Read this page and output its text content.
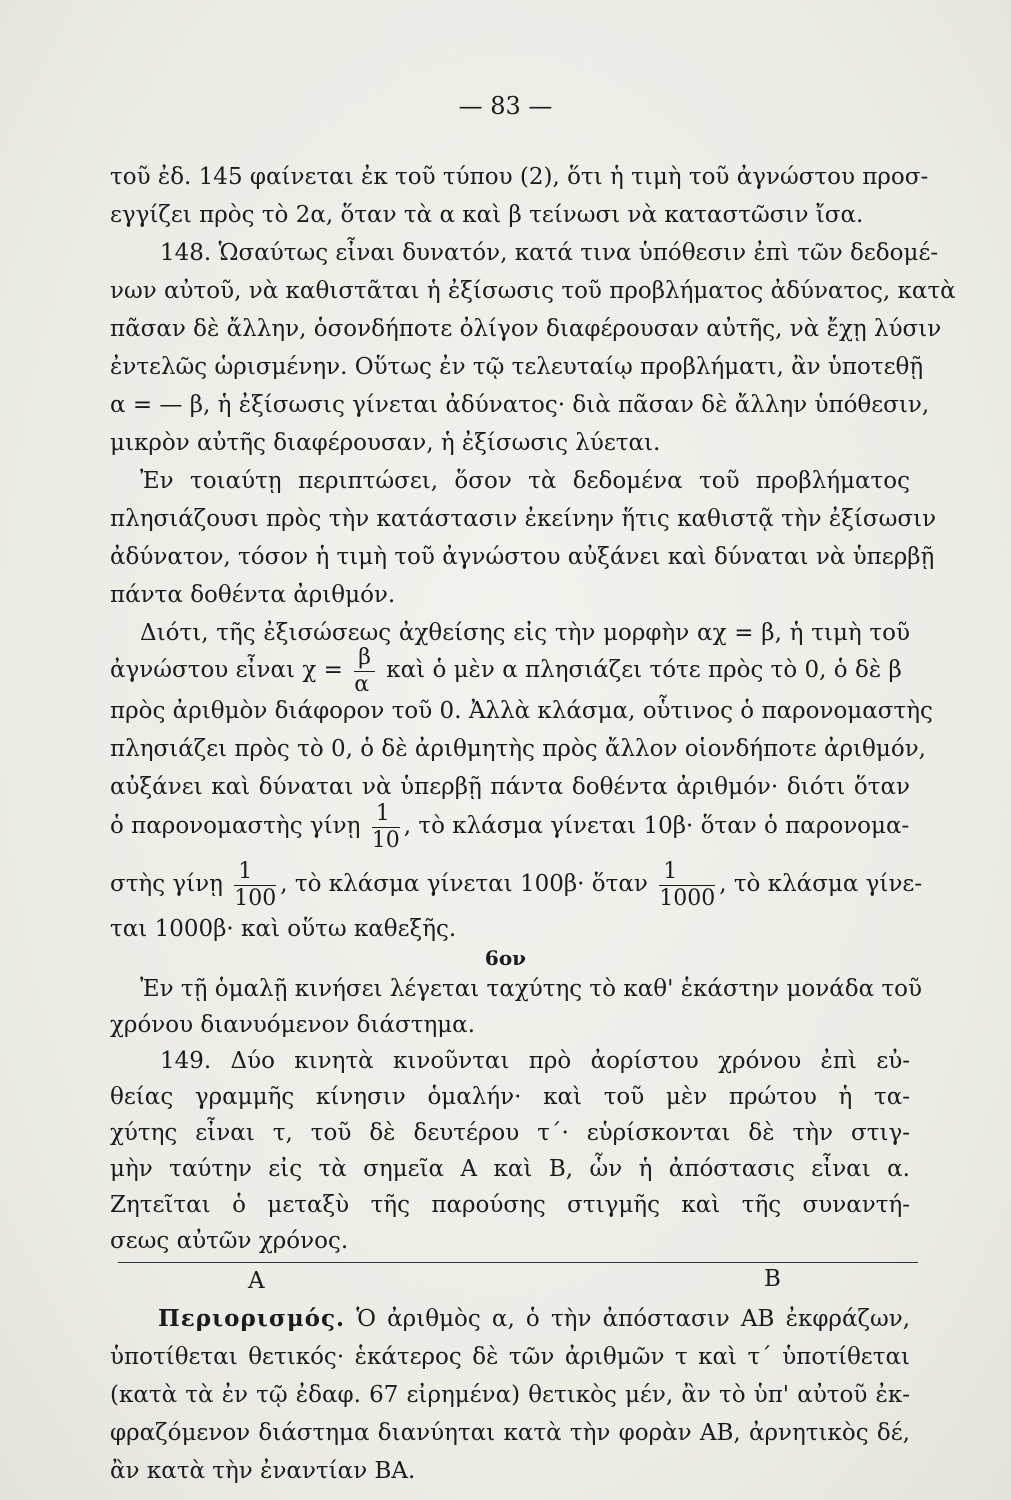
— 83 —
τοῦ ἐδ. 145 φαίνεται ἐκ τοῦ τύπου (2), ὅτι ἡ τιμὴ τοῦ ἀγνώστου προσ-
εγγίζει πρὸς τὸ 2α, ὅταν τὰ α καὶ β τείνωσι νὰ καταστῶσιν ἴσα.
148. Ὡσαύτως εἶναι δυνατόν, κατά τινα ὑπόθεσιν ἐπὶ τῶν δεδομέ-
νων αὐτοῦ, νὰ καθιστᾶται ἡ ἐξίσωσις τοῦ προβλήματος ἀδύνατος, κατὰ
πᾶσαν δὲ ἄλλην, ὁσονδήποτε ὀλίγον διαφέρουσαν αὐτῆς, νὰ ἔχῃ λύσιν
ἐντελῶς ὡρισμένην. Οὕτως ἐν τῷ τελευταίῳ προβλήματι, ἂν ὑποτεθῇ
α = — β, ἡ ἐξίσωσις γίνεται ἀδύνατος· διὰ πᾶσαν δὲ ἄλλην ὑπόθεσιν,
μικρὸν αὐτῆς διαφέρουσαν, ἡ ἐξίσωσις λύεται.
Ἐν τοιαύτῃ περιπτώσει, ὅσον τὰ δεδομένα τοῦ προβλήματος
πλησιάζουσι πρὸς τὴν κατάστασιν ἐκείνην ἥτις καθιστᾷ τὴν ἐξίσωσιν
ἀδύνατον, τόσον ἡ τιμὴ τοῦ ἀγνώστου αὐξάνει καὶ δύναται νὰ ὑπερβῇ
πάντα δοθέντα ἀριθμόν.
Διότι, τῆς ἐξισώσεως ἀχθείσης εἰς τὴν μορφὴν αχ = β, ἡ τιμὴ τοῦ
ἀγνώστου εἶναι $\chi = \frac{\beta}{\alpha}$ καὶ ὁ μὲν α πλησιάζει τότε πρὸς τὸ 0, ὁ δὲ β
πρὸς ἀριθμὸν διάφορον τοῦ 0. Ἀλλὰ κλάσμα, οὗτινος ὁ παρονομαστὴς
πλησιάζει πρὸς τὸ 0, ὁ δὲ ἀριθμητὴς πρὸς ἄλλον οἱονδήποτε ἀριθμόν,
αὐξάνει καὶ δύναται νὰ ὑπερβῇ πάντα δοθέντα ἀριθμόν· διότι ὅταν
ὁ παρονομαστὴς γίνῃ $\frac{1}{10}$ , τὸ κλάσμα γίνεται 10β· ὅταν ὁ παρονομα-
στὴς γίνῃ $\frac{1}{100}$ , τὸ κλάσμα γίνεται 100β· ὅταν $\frac{1}{1000}$ , τὸ κλάσμα γίνε-
ται 1000β· καὶ οὕτω καθεξῆς.
6ον
Ἐν τῇ ὁμαλῇ κινήσει λέγεται ταχύτης τὸ καθ' ἑκάστην μονάδα τοῦ
χρόνου διανυόμενον διάστημα.
149. Δύο κινητὰ κινοῦνται πρὸ ἀορίστου χρόνου ἐπὶ εὐ-
θείας γραμμῆς κίνησιν ὁμαλήν· καὶ τοῦ μὲν πρώτου ἡ τα-
χύτης εἶναι τ, τοῦ δὲ δευτέρου τ΄· εὑρίσκονται δὲ τὴν στιγ-
μὴν ταύτην εἰς τὰ σημεῖα Α καὶ Β, ὧν ἡ ἀπόστασις εἶναι α.
Ζητεῖται ὁ μεταξὺ τῆς παρούσης στιγμῆς καὶ τῆς συναντή-
σεως αὐτῶν χρόνος.
Α	Β
Περιορισμός. Ὁ ἀριθμὸς α, ὁ τὴν ἀπόστασιν ΑΒ ἐκφράζων,
ὑποτίθεται θετικός· ἑκάτερος δὲ τῶν ἀριθμῶν τ καὶ τ΄ ὑποτίθεται
(κατὰ τὰ ἐν τῷ ἐδαφ. 67 εἰρημένα) θετικὸς μέν, ἂν τὸ ὑπ' αὐτοῦ ἐκ-
φραζόμενον διάστημα διανύηται κατὰ τὴν φορὰν ΑΒ, ἀρνητικὸς δέ,
ἂν κατὰ τὴν ἐναντίαν ΒΑ.
